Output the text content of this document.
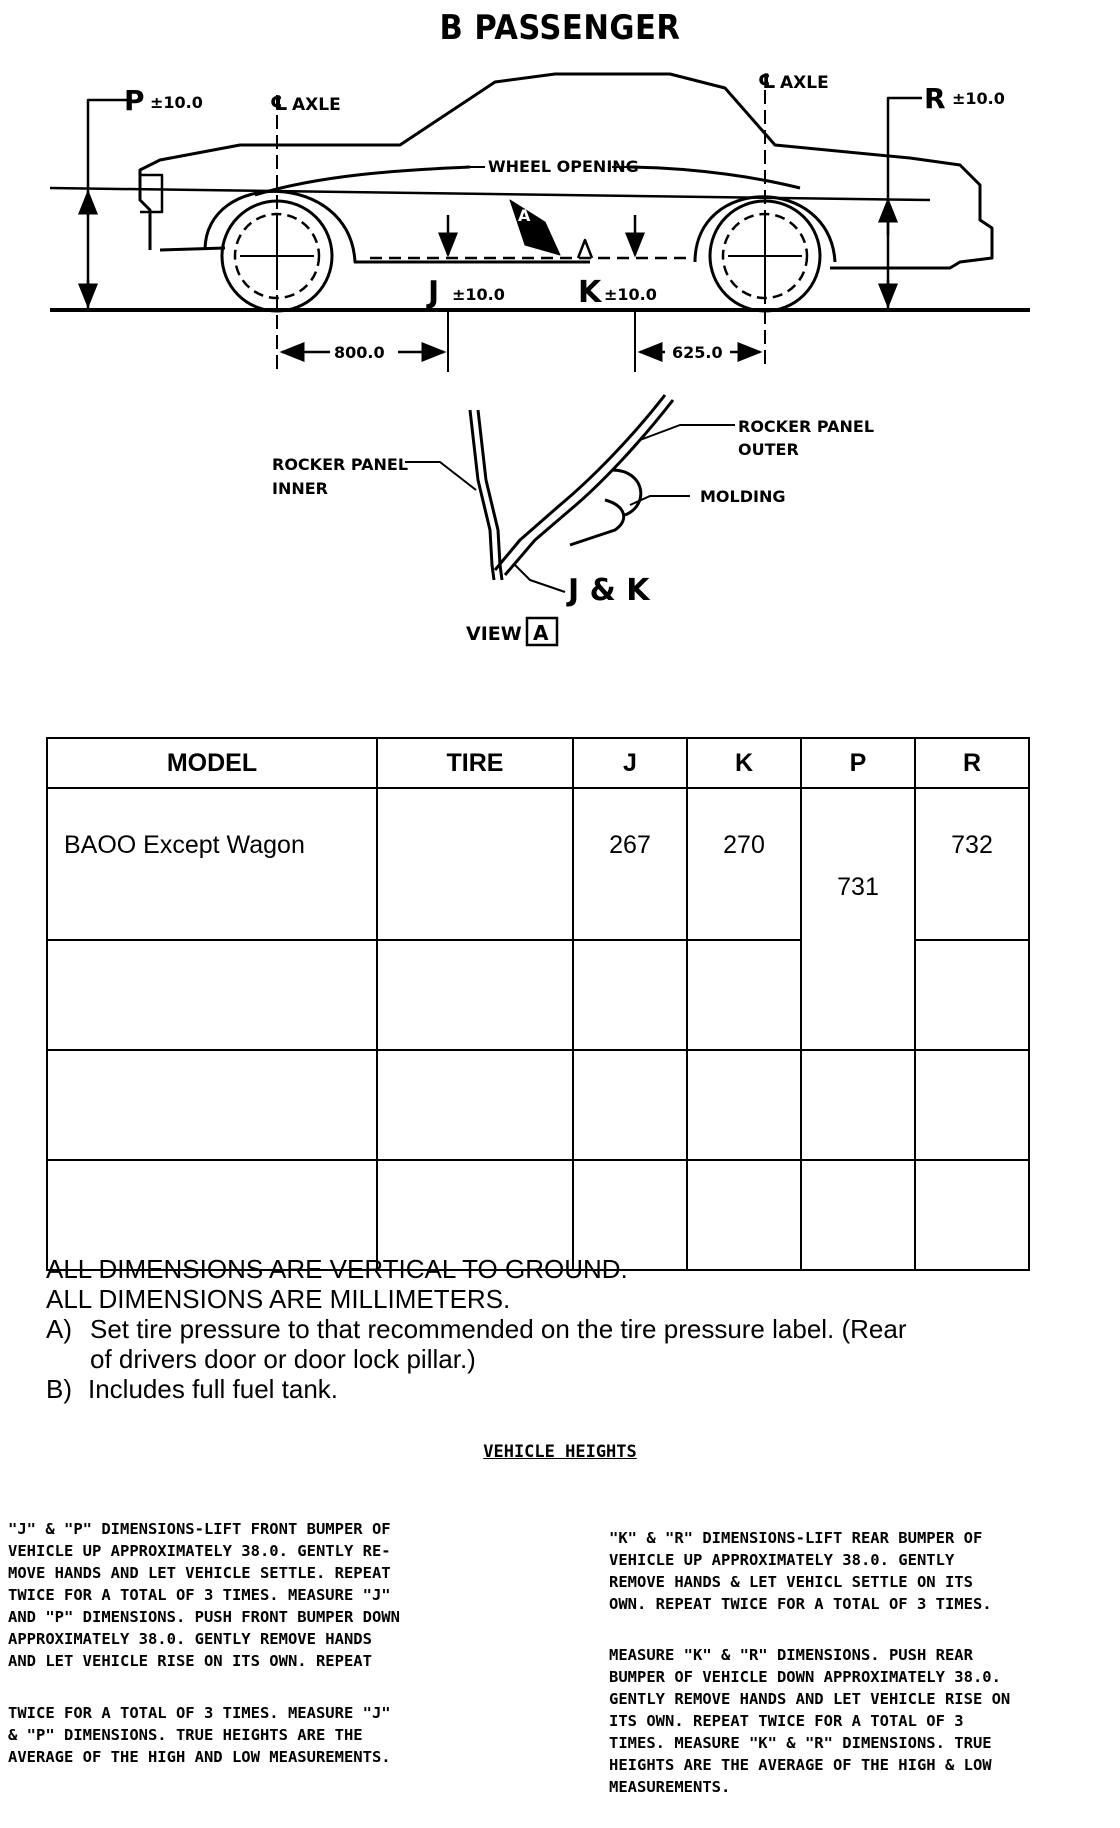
B PASSENGER
A
℄
℄
AXLE
AXLE
P ±10.0	R ±10.0
WHEEL OPENING
J ±10.0 K ±10.0
800.0	625.0
ROCKER PANEL
INNER
ROCKER PANEL
OUTER
MOLDING
J & K
VIEW A
MODEL	TIRE	J	K	P	R
BAOO Except Wagon		267	270	731	732

ALL DIMENSIONS ARE VERTICAL TO GROUND.
ALL DIMENSIONS ARE MILLIMETERS.
A) Set tire pressure to that recommended on the tire pressure label. (Rear
of drivers door or door lock pillar.)
B) Includes full fuel tank.
VEHICLE HEIGHTS
"J" & "P" DIMENSIONS-LIFT FRONT BUMPER OF
VEHICLE UP APPROXIMATELY 38.0. GENTLY RE-
MOVE HANDS AND LET VEHICLE SETTLE. REPEAT
TWICE FOR A TOTAL OF 3 TIMES. MEASURE "J"
AND "P" DIMENSIONS. PUSH FRONT BUMPER DOWN
APPROXIMATELY 38.0. GENTLY REMOVE HANDS
AND LET VEHICLE RISE ON ITS OWN. REPEAT
TWICE FOR A TOTAL OF 3 TIMES. MEASURE "J"
& "P" DIMENSIONS. TRUE HEIGHTS ARE THE
AVERAGE OF THE HIGH AND LOW MEASUREMENTS.
"K" & "R" DIMENSIONS-LIFT REAR BUMPER OF
VEHICLE UP APPROXIMATELY 38.0. GENTLY
REMOVE HANDS & LET VEHICL SETTLE ON ITS
OWN. REPEAT TWICE FOR A TOTAL OF 3 TIMES.
MEASURE "K" & "R" DIMENSIONS. PUSH REAR
BUMPER OF VEHICLE DOWN APPROXIMATELY 38.0.
GENTLY REMOVE HANDS AND LET VEHICLE RISE ON
ITS OWN. REPEAT TWICE FOR A TOTAL OF 3
TIMES. MEASURE "K" & "R" DIMENSIONS. TRUE
HEIGHTS ARE THE AVERAGE OF THE HIGH & LOW
MEASUREMENTS.
